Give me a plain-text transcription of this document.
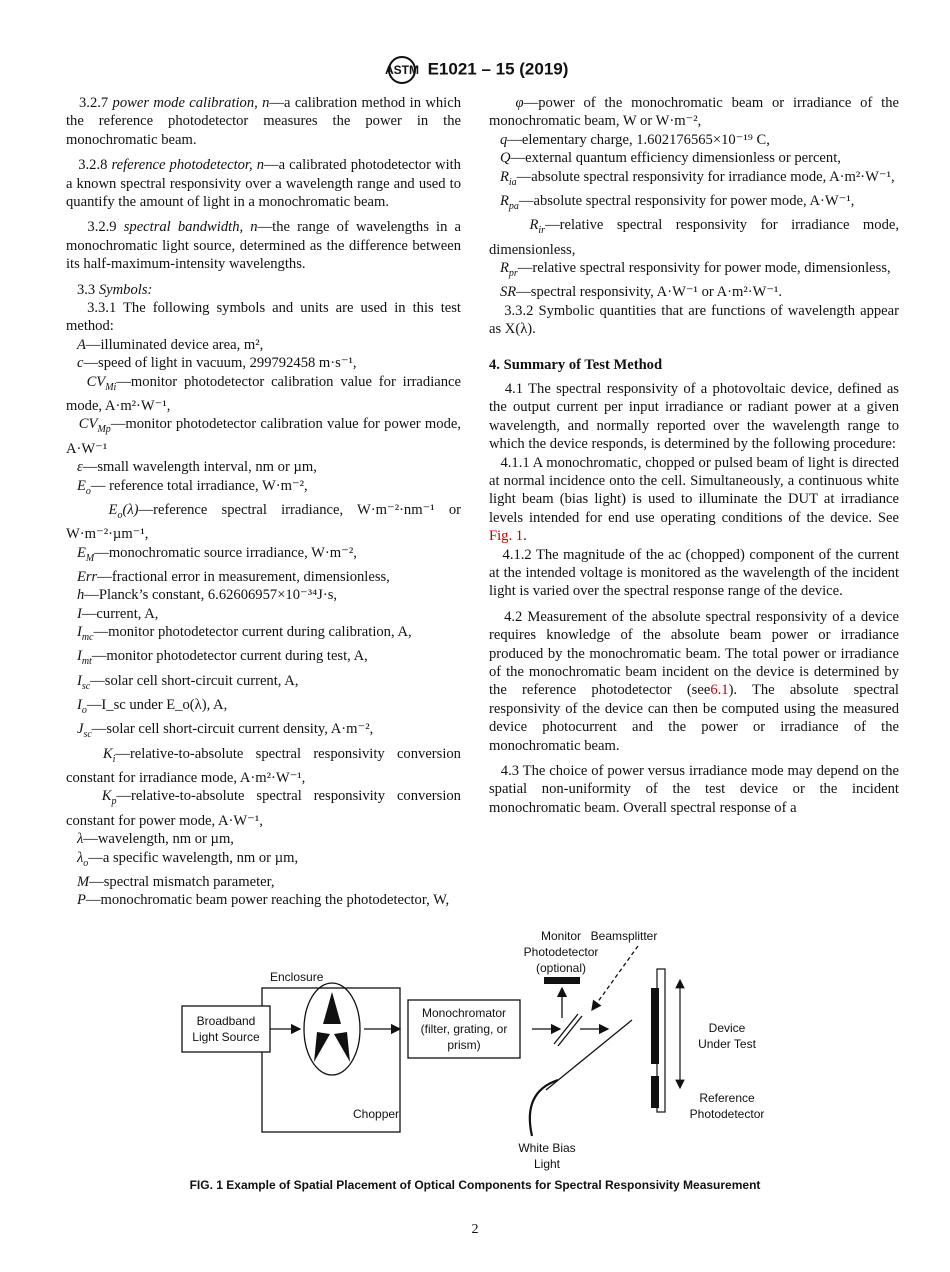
ASTM E1021 – 15 (2019)

3.2.7 power mode calibration, n—a calibration method in which the reference photodetector measures the power in the monochromatic beam.

3.2.8 reference photodetector, n—a calibrated photodetector with a known spectral responsivity over a wavelength range and used to quantify the amount of light in a monochromatic beam.

3.2.9 spectral bandwidth, n—the range of wavelengths in a monochromatic light source, determined as the difference between its half-maximum-intensity wavelengths.

3.3 Symbols:

3.3.1 The following symbols and units are used in this test method:

A—illuminated device area, m²,

c—speed of light in vacuum, 299792458 m·s⁻¹,

$CV_{Mi}—monitor$ photodetector calibration value for irradiance mode, A·m²·W⁻¹,

$CV_{Mp}—monitor$ photodetector calibration value for power mode, A·W⁻¹

ε—small wavelength interval, nm or µm,

$E_o—$ reference total irradiance, W·m⁻²,

$E_o(\lambda)—reference$ spectral irradiance, W·m⁻²·nm⁻¹ or W·m⁻²·µm⁻¹,

$E_M—monochromatic$ source irradiance, W·m⁻²,

Err—fractional error in measurement, dimensionless,

h—Planck’s constant, 6.62606957×10⁻³⁴J·s,

I—current, A,

$I_{mc}—monitor$ photodetector current during calibration, A,

$I_{mt}—monitor$ photodetector current during test, A,

$I_{sc}—solar$ cell short-circuit current, A,

$I_o—I\_sc$ under E_o(λ), A,

$J_{sc}—solar$ cell short-circuit current density, A·m⁻²,

$K_i—relative-to$-absolute spectral responsivity conversion constant for irradiance mode, A·m²·W⁻¹,

$K_p—relative-to$-absolute spectral responsivity conversion constant for power mode, A·W⁻¹,

λ—wavelength, nm or µm,

$\lambda_o—a$ specific wavelength, nm or µm,

M—spectral mismatch parameter,

P—monochromatic beam power reaching the photodetector, W,

φ—power of the monochromatic beam or irradiance of the monochromatic beam, W or W·m⁻²,

q—elementary charge, 1.602176565×10⁻¹⁹ C,

Q—external quantum efficiency dimensionless or percent,

$R_{ia}—absolute$ spectral responsivity for irradiance mode, A·m²·W⁻¹,

$R_{pa}—absolute$ spectral responsivity for power mode, A·W⁻¹,

$R_{ir}—relative$ spectral responsivity for irradiance mode, dimensionless,

$R_{pr}—relative$ spectral responsivity for power mode, dimensionless,

SR—spectral responsivity, A·W⁻¹ or A·m²·W⁻¹.

3.3.2 Symbolic quantities that are functions of wavelength appear as X(λ).

4. Summary of Test Method

4.1 The spectral responsivity of a photovoltaic device, defined as the output current per input irradiance or radiant power at a given wavelength, and normally reported over the wavelength range to which the device responds, is determined by the following procedure:

4.1.1 A monochromatic, chopped or pulsed beam of light is directed at normal incidence onto the cell. Simultaneously, a continuous white light beam (bias light) is used to illuminate the DUT at irradiance levels intended for end use operating conditions of the device. See Fig. 1.

4.1.2 The magnitude of the ac (chopped) component of the current at the intended voltage is monitored as the wavelength of the incident light is varied over the spectral response range of the device.

4.2 Measurement of the absolute spectral responsivity of a device requires knowledge of the absolute beam power or irradiance produced by the monochromatic beam. The total power or irradiance of the monochromatic beam incident on the device is determined by the reference photodetector (see6.1). The absolute spectral responsivity of the device can then be computed using the measured device photocurrent and the power or irradiance of the monochromatic beam.

4.3 The choice of power versus irradiance mode may depend on the spatial non-uniformity of the test device or the incident monochromatic beam. Overall spectral response of a

Enclosure
Broadband
Light Source
Chopper
Monochromator
(filter, grating, or
prism)
Monitor
Photodetector
(optional)
Beamsplitter
White Bias
Light
Device
Under Test
Reference
Photodetector
FIG. 1 Example of Spatial Placement of Optical Components for Spectral Responsivity Measurement
2
